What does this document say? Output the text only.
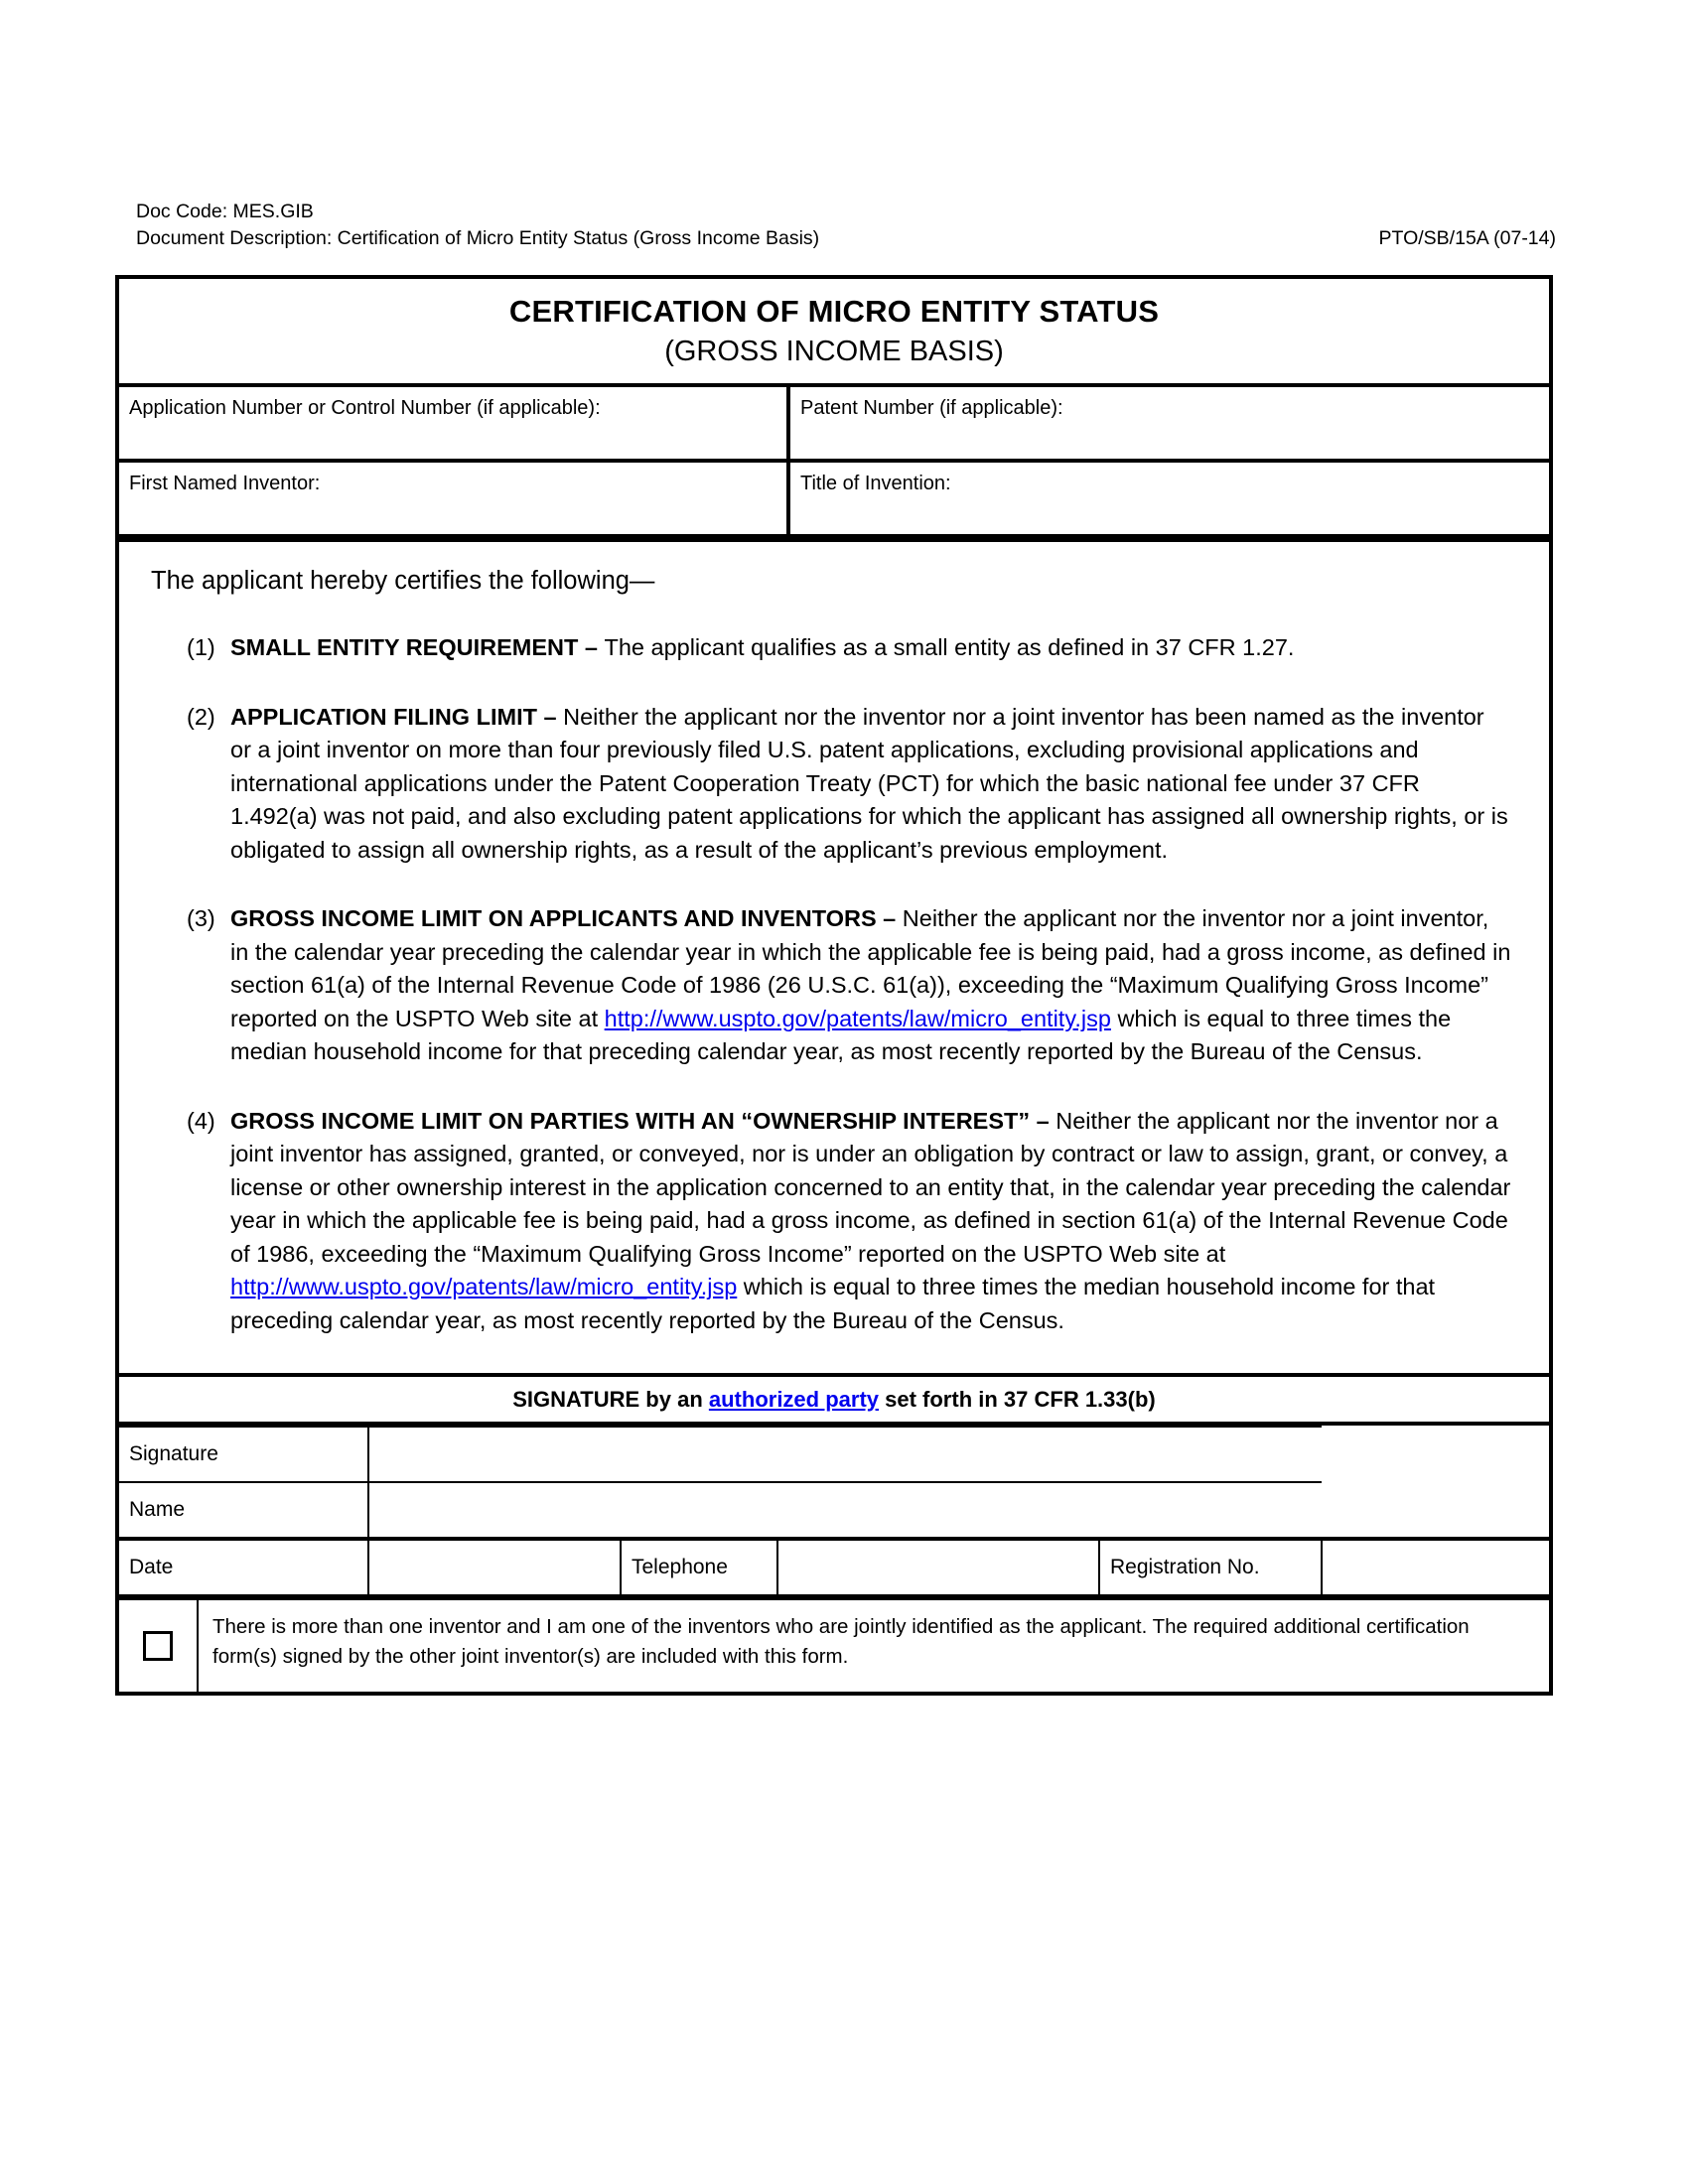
Doc Code: MES.GIB
Document Description: Certification of Micro Entity Status (Gross Income Basis)	PTO/SB/15A (07-14)
CERTIFICATION OF MICRO ENTITY STATUS
(GROSS INCOME BASIS)
Application Number or Control Number (if applicable):	Patent Number (if applicable):
First Named Inventor:	Title of Invention:

The applicant hereby certifies the following—

(1) SMALL ENTITY REQUIREMENT – The applicant qualifies as a small entity as defined in 37 CFR 1.27.
(2) APPLICATION FILING LIMIT – Neither the applicant nor the inventor nor a joint inventor has been named as the inventor or a joint inventor on more than four previously filed U.S. patent applications, excluding provisional applications and international applications under the Patent Cooperation Treaty (PCT) for which the basic national fee under 37 CFR 1.492(a) was not paid, and also excluding patent applications for which the applicant has assigned all ownership rights, or is obligated to assign all ownership rights, as a result of the applicant’s previous employment.
(3) GROSS INCOME LIMIT ON APPLICANTS AND INVENTORS – Neither the applicant nor the inventor nor a joint inventor, in the calendar year preceding the calendar year in which the applicable fee is being paid, had a gross income, as defined in section 61(a) of the Internal Revenue Code of 1986 (26 U.S.C. 61(a)), exceeding the “Maximum Qualifying Gross Income” reported on the USPTO Web site at http://www.uspto.gov/patents/law/micro_entity.jsp which is equal to three times the median household income for that preceding calendar year, as most recently reported by the Bureau of the Census.
(4) GROSS INCOME LIMIT ON PARTIES WITH AN “OWNERSHIP INTEREST” – Neither the applicant nor the inventor nor a joint inventor has assigned, granted, or conveyed, nor is under an obligation by contract or law to assign, grant, or convey, a license or other ownership interest in the application concerned to an entity that, in the calendar year preceding the calendar year in which the applicable fee is being paid, had a gross income, as defined in section 61(a) of the Internal Revenue Code of 1986, exceeding the “Maximum Qualifying Gross Income” reported on the USPTO Web site at http://www.uspto.gov/patents/law/micro_entity.jsp which is equal to three times the median household income for that preceding calendar year, as most recently reported by the Bureau of the Census.
SIGNATURE by an authorized party set forth in 37 CFR 1.33(b)
Signature					
Name					
Date		Telephone		Registration No.	
There is more than one inventor and I am one of the inventors who are jointly identified as the applicant. The required additional certification form(s) signed by the other joint inventor(s) are included with this form.
